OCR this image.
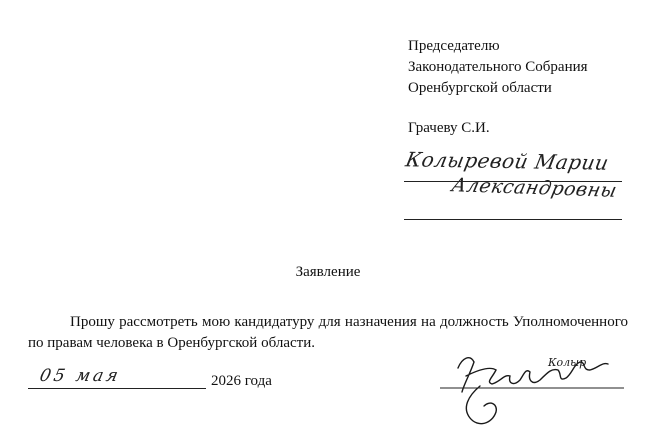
Председателю
Законодательного Собрания
Оренбургской области
Грачеву С.И.
Колыревой Марии
Александровны
Заявление
Прошу рассмотреть мою кандидатуру для назначения на должность Уполномоченного по правам человека в Оренбургской области.
05 мая	2026 года
Колыр
